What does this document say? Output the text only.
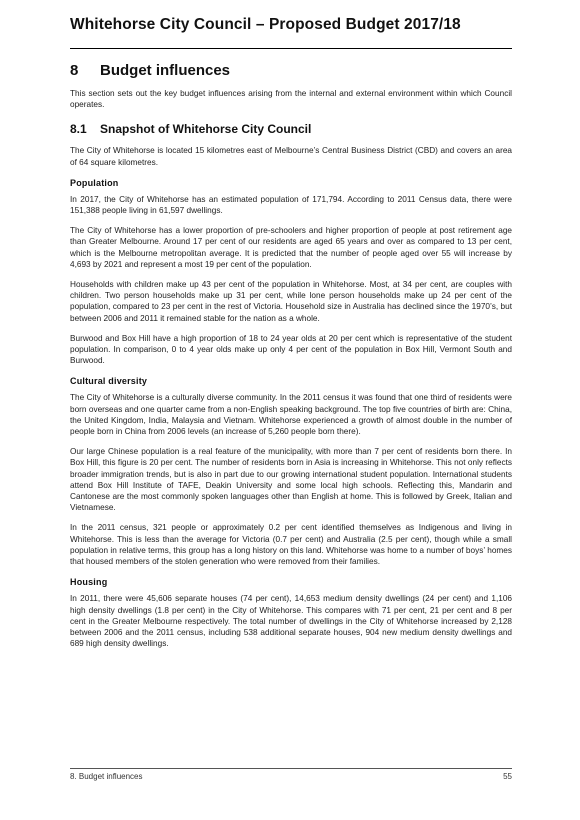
Whitehorse City Council – Proposed Budget 2017/18
8 Budget influences

This section sets out the key budget influences arising from the internal and external environment within which Council operates.

8.1 Snapshot of Whitehorse City Council

The City of Whitehorse is located 15 kilometres east of Melbourne’s Central Business District (CBD) and covers an area of 64 square kilometres.

Population

In 2017, the City of Whitehorse has an estimated population of 171,794. According to 2011 Census data, there were 151,388 people living in 61,597 dwellings.

The City of Whitehorse has a lower proportion of pre-schoolers and higher proportion of people at post retirement age than Greater Melbourne. Around 17 per cent of our residents are aged 65 years and over as compared to 13 per cent, which is the Melbourne metropolitan average. It is predicted that the number of people aged over 55 will increase by 4,693 by 2021 and represent a most 19 per cent of the population.

Households with children make up 43 per cent of the population in Whitehorse. Most, at 34 per cent, are couples with children. Two person households make up 31 per cent, while lone person households make up 24 per cent of the population, compared to 23 per cent in the rest of Victoria. Household size in Australia has declined since the 1970’s, but between 2006 and 2011 it remained stable for the nation as a whole.

Burwood and Box Hill have a high proportion of 18 to 24 year olds at 20 per cent which is representative of the student population. In comparison, 0 to 4 year olds make up only 4 per cent of the population in Box Hill, Vermont South and Burwood.

Cultural diversity

The City of Whitehorse is a culturally diverse community. In the 2011 census it was found that one third of residents were born overseas and one quarter came from a non-English speaking background. The top five countries of birth are: China, the United Kingdom, India, Malaysia and Vietnam. Whitehorse experienced a growth of almost double in the number of people born in China from 2006 levels (an increase of 5,260 people born there).

Our large Chinese population is a real feature of the municipality, with more than 7 per cent of residents born there. In Box Hill, this figure is 20 per cent. The number of residents born in Asia is increasing in Whitehorse. This not only reflects broader immigration trends, but is also in part due to our growing international student population. International students attend Box Hill Institute of TAFE, Deakin University and some local high schools. Reflecting this, Mandarin and Cantonese are the most commonly spoken languages other than English at home. This is followed by Greek, Italian and Vietnamese.

In the 2011 census, 321 people or approximately 0.2 per cent identified themselves as Indigenous and living in Whitehorse. This is less than the average for Victoria (0.7 per cent) and Australia (2.5 per cent), though while a small population in relative terms, this group has a long history on this land. Whitehorse was home to a number of boys’ homes that housed members of the stolen generation who were removed from their families.

Housing

In 2011, there were 45,606 separate houses (74 per cent), 14,653 medium density dwellings (24 per cent) and 1,106 high density dwellings (1.8 per cent) in the City of Whitehorse. This compares with 71 per cent, 21 per cent and 8 per cent in the Greater Melbourne respectively. The total number of dwellings in the City of Whitehorse increased by 2,128 between 2006 and the 2011 census, including 538 additional separate houses, 904 new medium density dwellings and 689 high density dwellings.

8. Budget influences	55
